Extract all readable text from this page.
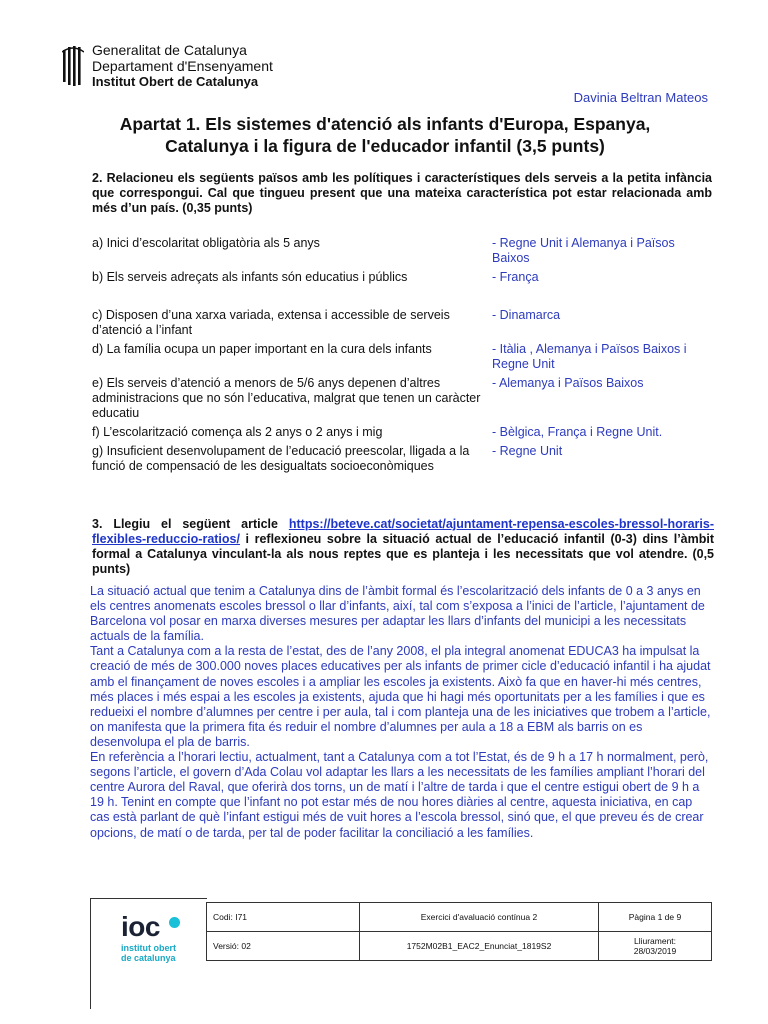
Generalitat de Catalunya
Departament d'Ensenyament
Institut Obert de Catalunya
Davinia Beltran Mateos
Apartat 1. Els sistemes d'atenció als infants d'Europa, Espanya, Catalunya i la figura de l'educador infantil (3,5 punts)
2. Relacioneu els següents països amb les polítiques i característiques dels serveis a la petita infància que correspongui. Cal que tingueu present que una mateixa característica pot estar relacionada amb més d’un país. (0,35 punts)
a) Inici d’escolaritat obligatòria als 5 anys	- Regne Unit i Alemanya i Països Baixos
b) Els serveis adreçats als infants són educatius i públics	- França
c) Disposen d’una xarxa variada, extensa i accessible de serveis d’atenció a l’infant	- Dinamarca
d) La família ocupa un paper important en la cura dels infants	- Itàlia , Alemanya i Països Baixos i Regne Unit
e) Els serveis d’atenció a menors de 5/6 anys depenen d’altres administracions que no són l’educativa, malgrat que tenen un caràcter educatiu	- Alemanya i Països Baixos
f) L’escolarització comença als 2 anys o 2 anys i mig	- Bèlgica, França i Regne Unit.
g) Insuficient desenvolupament de l’educació preescolar, lligada a la funció de compensació de les desigualtats socioeconòmiques	- Regne Unit
3. Llegiu el següent article https://beteve.cat/societat/ajuntament-repensa-escoles-bressol-horaris-flexibles-reduccio-ratios/ i reflexioneu sobre la situació actual de l’educació infantil (0-3) dins l’àmbit formal a Catalunya vinculant-la als nous reptes que es planteja i les necessitats que vol atendre. (0,5 punts)

La situació actual que tenim a Catalunya dins de l’àmbit formal és l’escolarització dels infants de 0 a 3 anys en els centres anomenats escoles bressol o llar d’infants, així, tal com s’exposa a l’inici de l’article, l’ajuntament de Barcelona vol posar en marxa diverses mesures per adaptar les llars d’infants del municipi a les necessitats actuals de la família.

Tant a Catalunya com a la resta de l’estat, des de l’any 2008, el pla integral anomenat EDUCA3 ha impulsat la creació de més de 300.000 noves places educatives per als infants de primer cicle d’educació infantil i ha ajudat amb el finançament de noves escoles i a ampliar les escoles ja existents. Això fa que en haver-hi més centres, més places i més espai a les escoles ja existents, ajuda que hi hagi més oportunitats per a les famílies i que es redueixi el nombre d’alumnes per centre i per aula, tal i com planteja una de les iniciatives que trobem a l’article, on manifesta que la primera fita és reduir el nombre d’alumnes per aula a 18 a EBM als barris on es desenvolupa el pla de barris.

En referència a l’horari lectiu, actualment, tant a Catalunya com a tot l’Estat, és de 9 h a 17 h normalment, però, segons l’article, el govern d’Ada Colau vol adaptar les llars a les necessitats de les famílies ampliant l’horari del centre Aurora del Raval, que oferirà dos torns, un de matí i l’altre de tarda i que el centre estigui obert de 9 h a 19 h. Tenint en compte que l’infant no pot estar més de nou hores diàries al centre, aquesta iniciativa, en cap cas està parlant de què l’infant estigui més de vuit hores a l’escola bressol, sinó que, el que preveu és de crear opcions, de matí o de tarda, per tal de poder facilitar la conciliació a les famílies.

ioc
institut obert
de catalunya
Codi: I71	Exercici d'avaluació contínua 2	Pàgina 1 de 9
Versió: 02	1752M02B1_EAC2_Enunciat_1819S2	Lliurament:
28/03/2019
